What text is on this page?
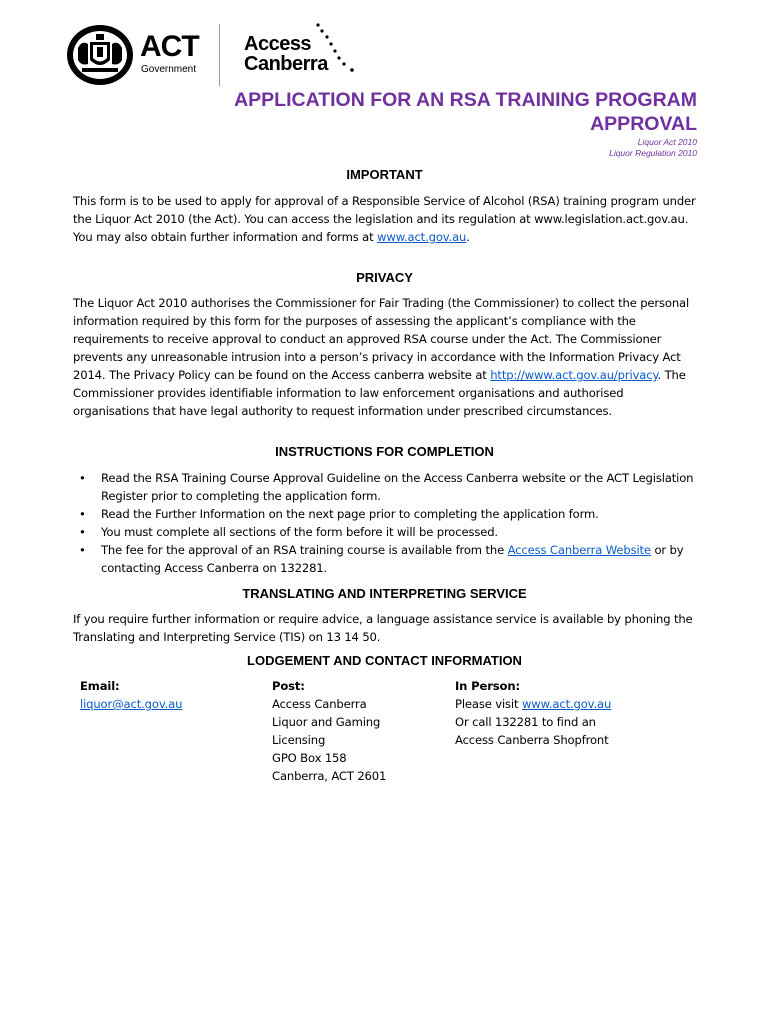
ACT
Government
Access
Canberra
APPLICATION FOR AN RSA TRAINING PROGRAM
APPROVAL
Liquor Act 2010
Liquor Regulation 2010
IMPORTANT
This form is to be used to apply for approval of a Responsible Service of Alcohol (RSA) training program under the Liquor Act 2010 (the Act). You can access the legislation and its regulation at www.legislation.act.gov.au. You may also obtain further information and forms at www.act.gov.au.
PRIVACY
The Liquor Act 2010 authorises the Commissioner for Fair Trading (the Commissioner) to collect the personal information required by this form for the purposes of assessing the applicant’s compliance with the requirements to receive approval to conduct an approved RSA course under the Act. The Commissioner prevents any unreasonable intrusion into a person’s privacy in accordance with the Information Privacy Act 2014. The Privacy Policy can be found on the Access canberra website at http://www.act.gov.au/privacy. The Commissioner provides identifiable information to law enforcement organisations and authorised organisations that have legal authority to request information under prescribed circumstances.
INSTRUCTIONS FOR COMPLETION
• Read the RSA Training Course Approval Guideline on the Access Canberra website or the ACT Legislation Register prior to completing the application form.
• Read the Further Information on the next page prior to completing the application form.
• You must complete all sections of the form before it will be processed.
• The fee for the approval of an RSA training course is available from the Access Canberra Website or by contacting Access Canberra on 132281.
TRANSLATING AND INTERPRETING SERVICE
If you require further information or require advice, a language assistance service is available by phoning the Translating and Interpreting Service (TIS) on 13 14 50.
LODGEMENT AND CONTACT INFORMATION
Email:
liquor@act.gov.au
Post:
Access Canberra
Liquor and Gaming
Licensing
GPO Box 158
Canberra, ACT 2601
In Person:
Please visit www.act.gov.au
Or call 132281 to find an
Access Canberra Shopfront
